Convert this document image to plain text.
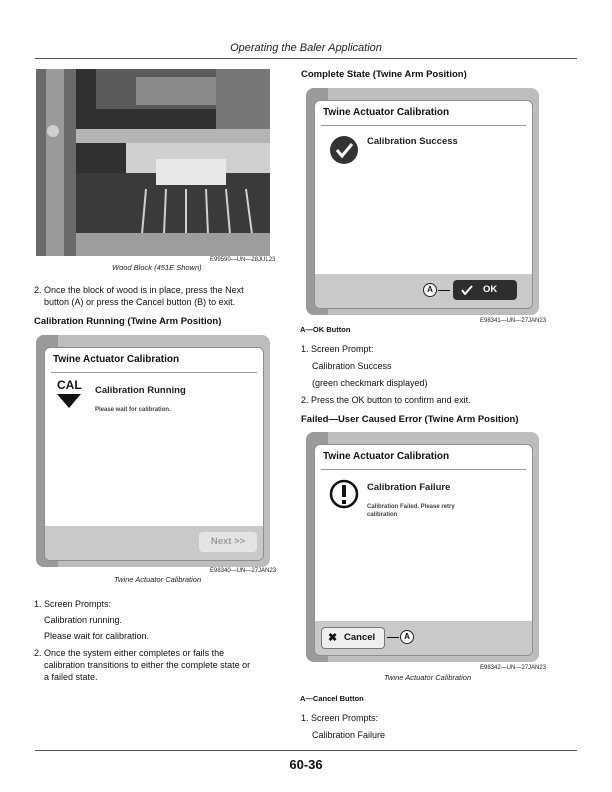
Operating the Baler Application
E99590—UN—28JUL23
Wood Block (451E Shown)
2. Once the block of wood is in place, press the Next
button (A) or press the Cancel button (B) to exit.
Calibration Running (Twine Arm Position)
Twine Actuator Calibration
CAL Calibration Running
Please wait for calibration.
Next >>
E98340—UN—27JAN23
Twine Actuator Calibration
1. Screen Prompts:
Calibration running.
Please wait for calibration.
2. Once the system either completes or fails the
calibration transitions to either the complete state or
a failed state.
Complete State (Twine Arm Position)
Twine Actuator Calibration
Calibration Success
A	OK
E98341—UN—27JAN23
A—OK Button
1. Screen Prompt:
Calibration Success
(green checkmark displayed)
2. Press the OK button to confirm and exit.
Failed—User Caused Error (Twine Arm Position)
Twine Actuator Calibration
Calibration Failure
Calibration Failed. Please retry
calibration
✖ Cancel	A
E98342—UN—27JAN23
Twine Actuator Calibration
A—Cancel Button
1. Screen Prompts:
Calibration Failure
60-36
